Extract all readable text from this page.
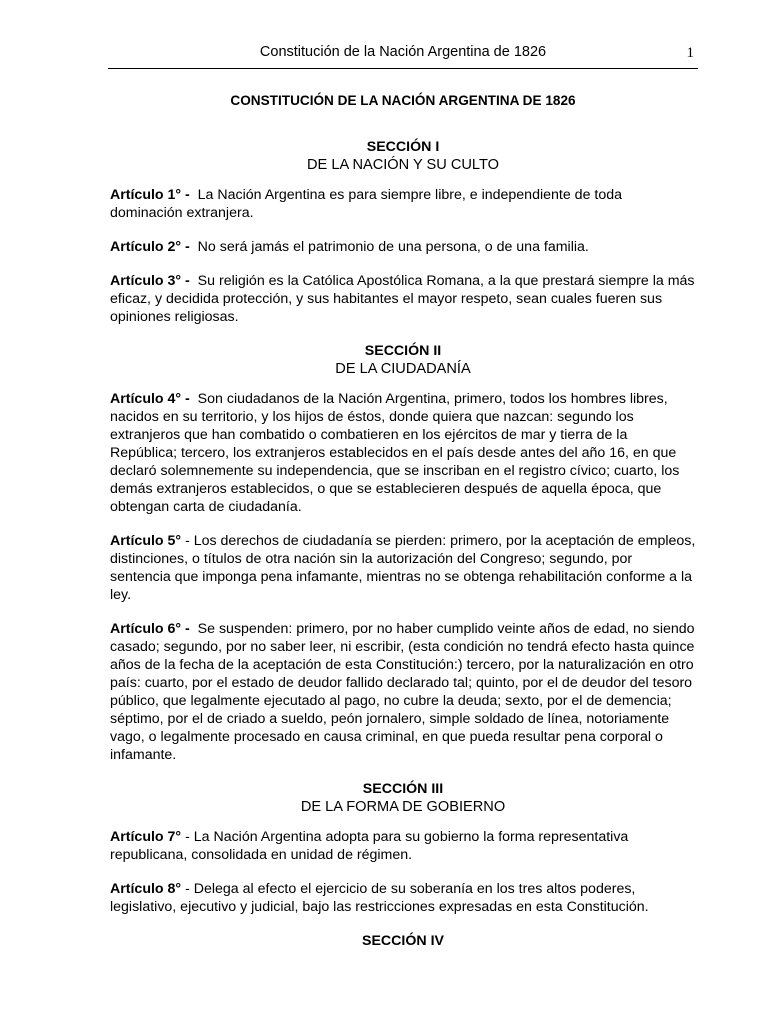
Constitución de la Nación Argentina de 1826	1
CONSTITUCIÓN DE LA NACIÓN ARGENTINA DE 1826
SECCIÓN I
DE LA NACIÓN Y SU CULTO

Artículo 1° - La Nación Argentina es para siempre libre, e independiente de toda dominación extranjera.

Artículo 2° - No será jamás el patrimonio de una persona, o de una familia.

Artículo 3° - Su religión es la Católica Apostólica Romana, a la que prestará siempre la más eficaz, y decidida protección, y sus habitantes el mayor respeto, sean cuales fueren sus opiniones religiosas.

SECCIÓN II
DE LA CIUDADANÍA

Artículo 4° - Son ciudadanos de la Nación Argentina, primero, todos los hombres libres, nacidos en su territorio, y los hijos de éstos, donde quiera que nazcan: segundo los extranjeros que han combatido o combatieren en los ejércitos de mar y tierra de la República; tercero, los extranjeros establecidos en el país desde antes del año 16, en que declaró solemnemente su independencia, que se inscriban en el registro cívico; cuarto, los demás extranjeros establecidos, o que se establecieren después de aquella época, que obtengan carta de ciudadanía.

Artículo 5° - Los derechos de ciudadanía se pierden: primero, por la aceptación de empleos, distinciones, o títulos de otra nación sin la autorización del Congreso; segundo, por sentencia que imponga pena infamante, mientras no se obtenga rehabilitación conforme a la ley.

Artículo 6° - Se suspenden: primero, por no haber cumplido veinte años de edad, no siendo casado; segundo, por no saber leer, ni escribir, (esta condición no tendrá efecto hasta quince años de la fecha de la aceptación de esta Constitución:) tercero, por la naturalización en otro país: cuarto, por el estado de deudor fallido declarado tal; quinto, por el de deudor del tesoro público, que legalmente ejecutado al pago, no cubre la deuda; sexto, por el de demencia; séptimo, por el de criado a sueldo, peón jornalero, simple soldado de línea, notoriamente vago, o legalmente procesado en causa criminal, en que pueda resultar pena corporal o infamante.

SECCIÓN III
DE LA FORMA DE GOBIERNO

Artículo 7° - La Nación Argentina adopta para su gobierno la forma representativa republicana, consolidada en unidad de régimen.

Artículo 8° - Delega al efecto el ejercicio de su soberanía en los tres altos poderes, legislativo, ejecutivo y judicial, bajo las restricciones expresadas en esta Constitución.

SECCIÓN IV
